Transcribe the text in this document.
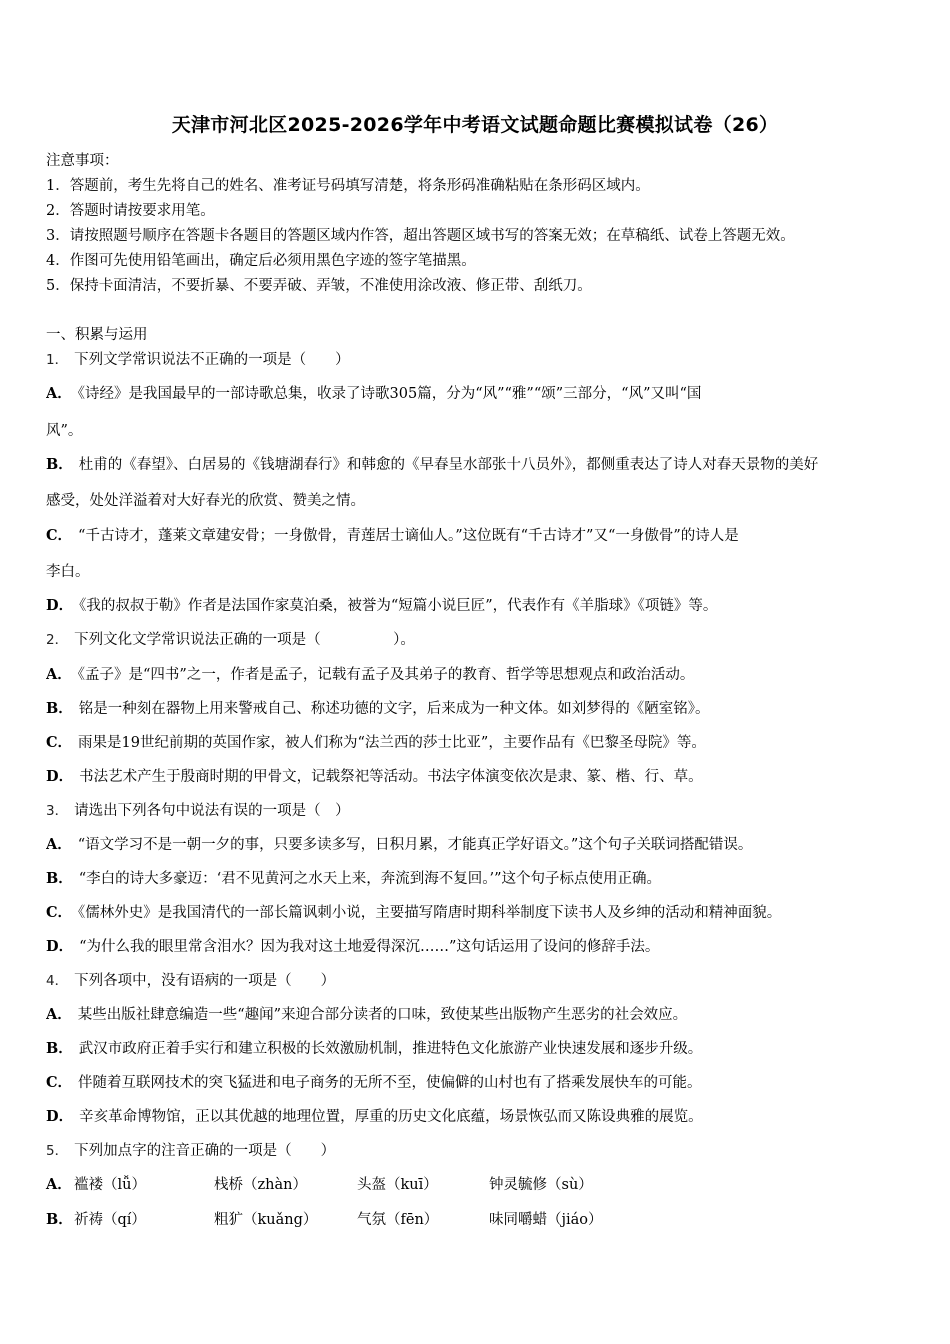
天津市河北区2025-2026学年中考语文试题命题比赛模拟试卷（26）
注意事项：
1．答题前，考生先将自己的姓名、准考证号码填写清楚，将条形码准确粘贴在条形码区域内。
2．答题时请按要求用笔。
3．请按照题号顺序在答题卡各题目的答题区域内作答，超出答题区域书写的答案无效；在草稿纸、试卷上答题无效。
4．作图可先使用铅笔画出，确定后必须用黑色字迹的签字笔描黑。
5．保持卡面清洁，不要折暴、不要弄破、弄皱，不准使用涂改液、修正带、刮纸刀。
一、积累与运用
1． 下列文学常识说法不正确的一项是（　　）
A． 《诗经》是我国最早的一部诗歌总集，收录了诗歌305篇，分为“风”“雅”“颂”三部分，“风”又叫“国
风”。
B． 杜甫的《春望》、白居易的《钱塘湖春行》和韩愈的《早春呈水部张十八员外》，都侧重表达了诗人对春天景物的美好
感受，处处洋溢着对大好春光的欣赏、赞美之情。
C． “千古诗才，蓬莱文章建安骨；一身傲骨，青莲居士谪仙人。”这位既有“千古诗才”又“一身傲骨”的诗人是
李白。
D． 《我的叔叔于勒》作者是法国作家莫泊桑，被誉为“短篇小说巨匠”，代表作有《羊脂球》《项链》等。
2． 下列文化文学常识说法正确的一项是（　　　　　）。
A． 《孟子》是“四书”之一，作者是孟子，记载有孟子及其弟子的教育、哲学等思想观点和政治活动。
B． 铭是一种刻在器物上用来警戒自己、称述功德的文字，后来成为一种文体。如刘梦得的《陋室铭》。
C． 雨果是19世纪前期的英国作家，被人们称为“法兰西的莎士比亚”，主要作品有《巴黎圣母院》等。
D． 书法艺术产生于殷商时期的甲骨文，记载祭祀等活动。书法字体演变依次是隶、篆、楷、行、草。
3． 请选出下列各句中说法有误的一项是（　）
A． “语文学习不是一朝一夕的事，只要多读多写，日积月累，才能真正学好语文。”这个句子关联词搭配错误。
B． “李白的诗大多豪迈：‘君不见黄河之水天上来，奔流到海不复回。’”这个句子标点使用正确。
C． 《儒林外史》是我国清代的一部长篇讽刺小说，主要描写隋唐时期科举制度下读书人及乡绅的活动和精神面貌。
D． “为什么我的眼里常含泪水？因为我对这土地爱得深沉……”这句话运用了设问的修辞手法。
4． 下列各项中，没有语病的一项是（　　）
A． 某些出版社肆意编造一些“趣闻”来迎合部分读者的口味，致使某些出版物产生恶劣的社会效应。
B． 武汉市政府正着手实行和建立积极的长效激励机制，推进特色文化旅游产业快速发展和逐步升级。
C． 伴随着互联网技术的突飞猛进和电子商务的无所不至，使偏僻的山村也有了搭乘发展快车的可能。
D． 辛亥革命博物馆，正以其优越的地理位置，厚重的历史文化底蕴，场景恢弘而又陈设典雅的展览。
5． 下列加点字的注音正确的一项是（　　）
A． 褴褛（lǚ）	栈桥（zhàn）	头盔（kuī）	钟灵毓修（sù）
B． 祈祷（qí）	粗犷（kuǎng）	气氛（fēn）	味同嚼蜡（jiáo）
